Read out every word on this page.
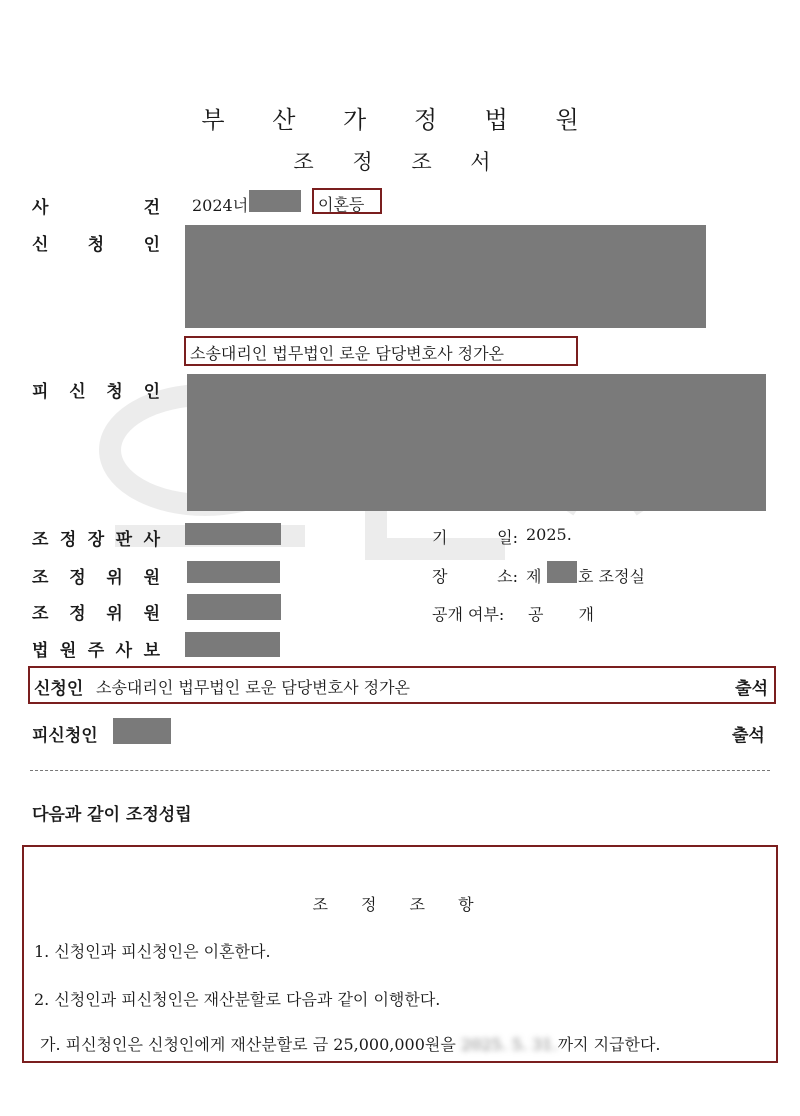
부 산 가 정 법 원
조 정 조 서
사 건 2024너	이혼등
신 청 인
소송대리인 법무법인 로운 담당변호사 정가온
피 신 청 인
조 정 장 판 사
조 정 위 원
조 정 위 원
법 원 주 사 보
기 일: 2025.
장 소: 제 호 조정실
공개 여부: 공 개
신청인 소송대리인 법무법인 로운 담당변호사 정가온	출석
피신청인	출석
다음과 같이 조정성립
조 정 조 항
1. 신청인과 피신청인은 이혼한다.
2. 신청인과 피신청인은 재산분할로 다음과 같이 이행한다.
가. 피신청인은 신청인에게 재산분할로 금 25,000,000원을 2025. 5. 31.까지 지급한다.
